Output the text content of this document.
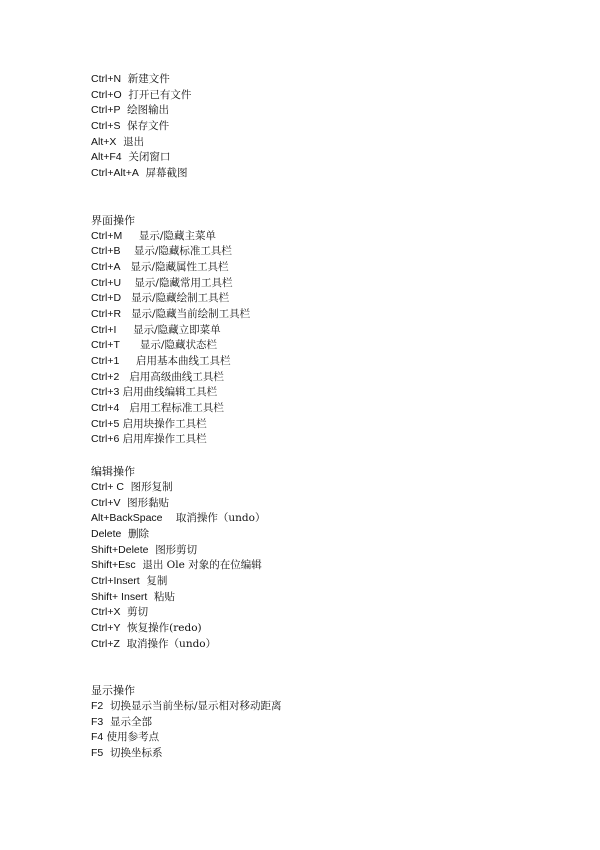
Ctrl+N 新建文件
Ctrl+O 打开已有文件
Ctrl+P 绘图输出
Ctrl+S 保存文件
Alt+X 退出
Alt+F4 关闭窗口
Ctrl+Alt+A 屏幕截图
界面操作
Ctrl+M 显示/隐藏主菜单
Ctrl+B 显示/隐藏标准工具栏
Ctrl+A 显示/隐藏属性工具栏
Ctrl+U 显示/隐藏常用工具栏
Ctrl+D 显示/隐藏绘制工具栏
Ctrl+R 显示/隐藏当前绘制工具栏
Ctrl+I 显示/隐藏立即菜单
Ctrl+T 显示/隐藏状态栏
Ctrl+1 启用基本曲线工具栏
Ctrl+2 启用高级曲线工具栏
Ctrl+3 启用曲线编辑工具栏
Ctrl+4 启用工程标准工具栏
Ctrl+5 启用块操作工具栏
Ctrl+6 启用库操作工具栏
编辑操作
Ctrl+ C 图形复制
Ctrl+V 图形黏贴
Alt+BackSpace 取消操作（undo）
Delete 删除
Shift+Delete 图形剪切
Shift+Esc 退出 Ole 对象的在位编辑
Ctrl+Insert 复制
Shift+ Insert 粘贴
Ctrl+X 剪切
Ctrl+Y 恢复操作(redo)
Ctrl+Z 取消操作（undo）
显示操作
F2 切换显示当前坐标/显示相对移动距离
F3 显示全部
F4 使用参考点
F5 切换坐标系
